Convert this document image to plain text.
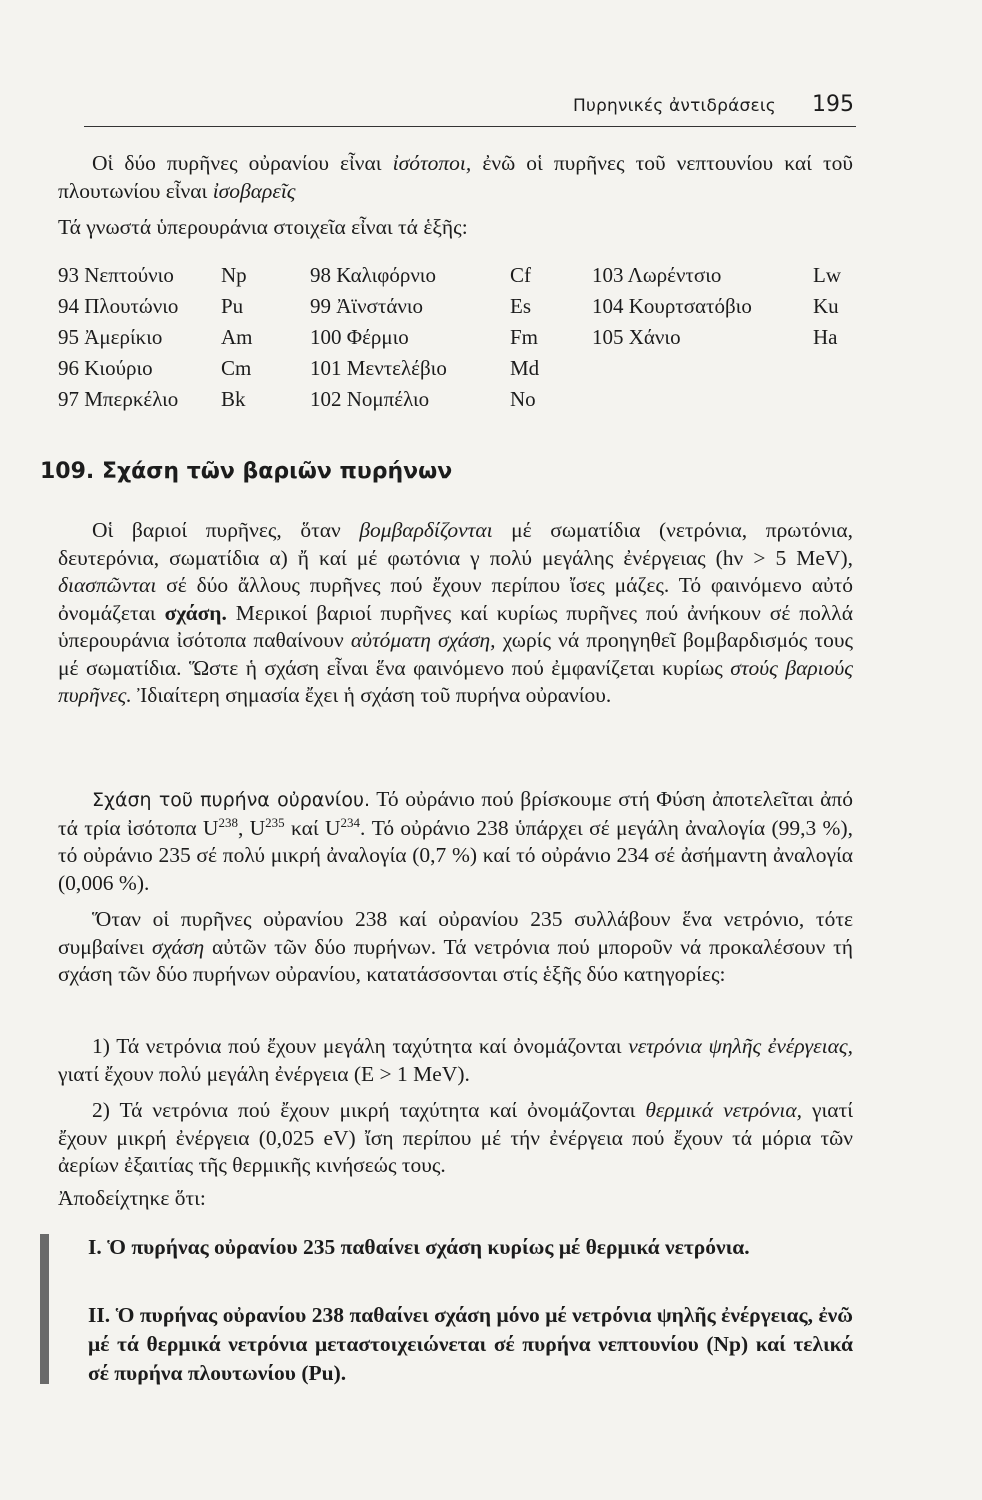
Πυρηνικές ἀντιδράσεις 195

Οἱ δύο πυρῆνες οὐρανίου εἶναι ἰσότοποι, ἐνῶ οἱ πυρῆνες τοῦ νεπτουνίου καί τοῦ πλουτωνίου εἶναι ἰσοβαρεῖς

Τά γνωστά ὑπερουράνια στοιχεῖα εἶναι τά ἑξῆς:

93 Νεπτούνιο	Np	98 Καλιφόρνιο	Cf	103 Λωρέντσιο	Lw
94 Πλουτώνιο	Pu	99 Ἀϊνστάνιο	Es	104 Κουρτσατόβιο	Ku
95 Ἀμερίκιο	Am	100 Φέρμιο	Fm	105 Χάνιο	Ha
96 Κιούριο	Cm	101 Μεντελέβιο	Md		
97 Μπερκέλιο	Bk	102 Νομπέλιο	No		
109. Σχάση τῶν βαριῶν πυρήνων

Οἱ βαριοί πυρῆνες, ὅταν βομβαρδίζονται μέ σωματίδια (νετρόνια, πρωτόνια, δευτερόνια, σωματίδια α) ἤ καί μέ φωτόνια γ πολύ μεγάλης ἐνέργειας (hν > 5 MeV), διασπῶνται σέ δύο ἄλλους πυρῆνες πού ἔχουν περίπου ἴσες μάζες. Τό φαινόμενο αὐτό ὀνομάζεται σχάση. Μερικοί βαριοί πυρῆνες καί κυρίως πυρῆνες πού ἀνήκουν σέ πολλά ὑπερουράνια ἰσότοπα παθαίνουν αὐτόματη σχάση, χωρίς νά προηγηθεῖ βομβαρδισμός τους μέ σωματίδια. Ὥστε ἡ σχάση εἶναι ἕνα φαινόμενο πού ἐμφανίζεται κυρίως στούς βαριούς πυρῆνες. Ἰδιαίτερη σημασία ἔχει ἡ σχάση τοῦ πυρήνα οὐρανίου.

Σχάση τοῦ πυρήνα οὐρανίου. Τό οὐράνιο πού βρίσκουμε στή Φύση ἀποτελεῖται ἀπό τά τρία ἰσότοπα $U^{238}$, $U^{235}$ καί $U^{234}$. Τό οὐράνιο 238 ὑπάρχει σέ μεγάλη ἀναλογία (99,3 %), τό οὐράνιο 235 σέ πολύ μικρή ἀναλογία (0,7 %) καί τό οὐράνιο 234 σέ ἀσήμαντη ἀναλογία (0,006 %).

Ὅταν οἱ πυρῆνες οὐρανίου 238 καί οὐρανίου 235 συλλάβουν ἕνα νετρόνιο, τότε συμβαίνει σχάση αὐτῶν τῶν δύο πυρήνων. Τά νετρόνια πού μποροῦν νά προκαλέσουν τή σχάση τῶν δύο πυρήνων οὐρανίου, κατατάσσονται στίς ἑξῆς δύο κατηγορίες:

1) Τά νετρόνια πού ἔχουν μεγάλη ταχύτητα καί ὀνομάζονται νετρόνια ψηλῆς ἐνέργειας, γιατί ἔχουν πολύ μεγάλη ἐνέργεια (E > 1 MeV).

2) Τά νετρόνια πού ἔχουν μικρή ταχύτητα καί ὀνομάζονται θερμικά νετρόνια, γιατί ἔχουν μικρή ἐνέργεια (0,025 eV) ἴση περίπου μέ τήν ἐνέργεια πού ἔχουν τά μόρια τῶν ἀερίων ἐξαιτίας τῆς θερμικῆς κινήσεώς τους.

Ἀποδείχτηκε ὅτι:

I. Ὁ πυρήνας οὐρανίου 235 παθαίνει σχάση κυρίως μέ θερμικά νετρόνια.

II. Ὁ πυρήνας οὐρανίου 238 παθαίνει σχάση μόνο μέ νετρόνια ψηλῆς ἐνέργειας, ἐνῶ μέ τά θερμικά νετρόνια μεταστοιχειώνεται σέ πυρήνα νεπτουνίου (Np) καί τελικά σέ πυρήνα πλουτωνίου (Pu).
